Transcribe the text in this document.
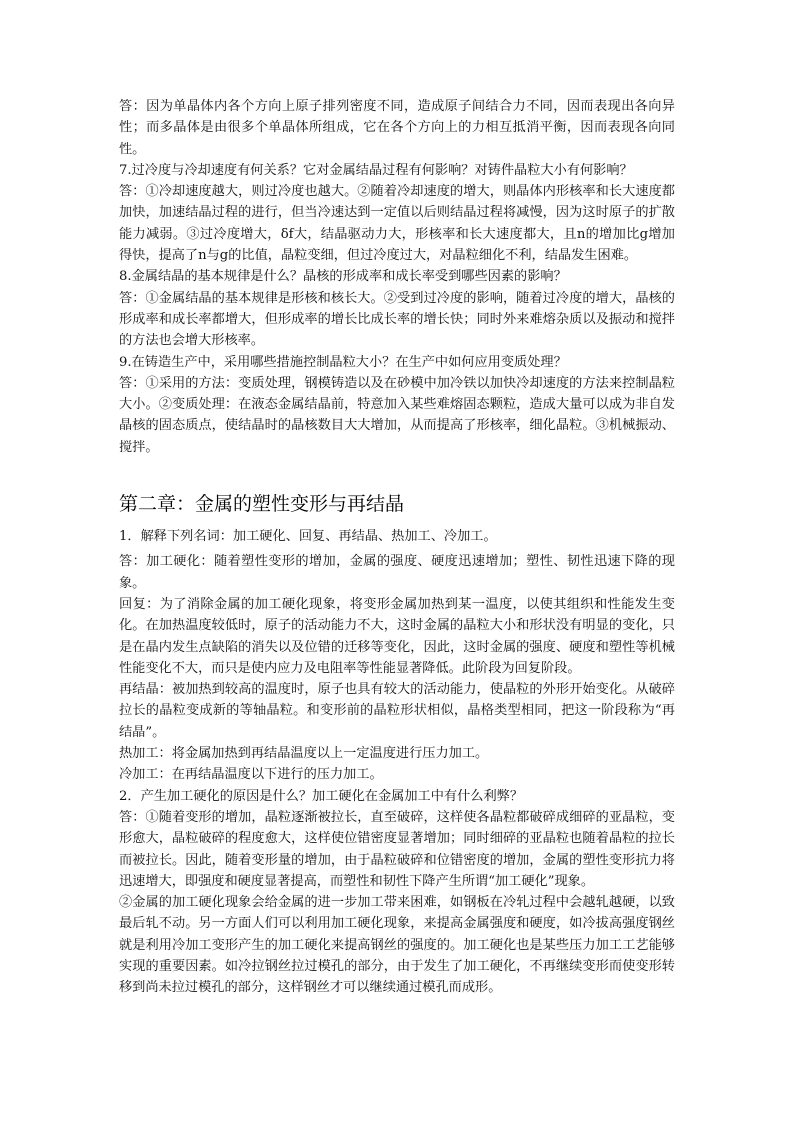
答：因为单晶体内各个方向上原子排列密度不同，造成原子间结合力不同，因而表现出各向异性；而多晶体是由很多个单晶体所组成，它在各个方向上的力相互抵消平衡，因而表现各向同性。

7.过冷度与冷却速度有何关系？它对金属结晶过程有何影响？对铸件晶粒大小有何影响？

答：①冷却速度越大，则过冷度也越大。②随着冷却速度的增大，则晶体内形核率和长大速度都加快，加速结晶过程的进行，但当冷速达到一定值以后则结晶过程将减慢，因为这时原子的扩散能力减弱。③过冷度增大，δf大，结晶驱动力大，形核率和长大速度都大，且n的增加比g增加得快，提高了n与g的比值，晶粒变细，但过冷度过大，对晶粒细化不利，结晶发生困难。

8.金属结晶的基本规律是什么？晶核的形成率和成长率受到哪些因素的影响？

答：①金属结晶的基本规律是形核和核长大。②受到过冷度的影响，随着过冷度的增大，晶核的形成率和成长率都增大，但形成率的增长比成长率的增长快；同时外来难熔杂质以及振动和搅拌的方法也会增大形核率。

9.在铸造生产中，采用哪些措施控制晶粒大小？在生产中如何应用变质处理？

答：①采用的方法：变质处理，钢模铸造以及在砂模中加冷铁以加快冷却速度的方法来控制晶粒大小。②变质处理：在液态金属结晶前，特意加入某些难熔固态颗粒，造成大量可以成为非自发晶核的固态质点，使结晶时的晶核数目大大增加，从而提高了形核率，细化晶粒。③机械振动、搅拌。

第二章：金属的塑性变形与再结晶

1．解释下列名词：加工硬化、回复、再结晶、热加工、冷加工。

答：加工硬化：随着塑性变形的增加，金属的强度、硬度迅速增加；塑性、韧性迅速下降的现象。

回复：为了消除金属的加工硬化现象，将变形金属加热到某一温度，以使其组织和性能发生变化。在加热温度较低时，原子的活动能力不大，这时金属的晶粒大小和形状没有明显的变化，只是在晶内发生点缺陷的消失以及位错的迁移等变化，因此，这时金属的强度、硬度和塑性等机械性能变化不大，而只是使内应力及电阻率等性能显著降低。此阶段为回复阶段。

再结晶：被加热到较高的温度时，原子也具有较大的活动能力，使晶粒的外形开始变化。从破碎拉长的晶粒变成新的等轴晶粒。和变形前的晶粒形状相似，晶格类型相同，把这一阶段称为“再结晶”。

热加工：将金属加热到再结晶温度以上一定温度进行压力加工。

冷加工：在再结晶温度以下进行的压力加工。

2．产生加工硬化的原因是什么？加工硬化在金属加工中有什么利弊？

答：①随着变形的增加，晶粒逐渐被拉长，直至破碎，这样使各晶粒都破碎成细碎的亚晶粒，变形愈大，晶粒破碎的程度愈大，这样使位错密度显著增加；同时细碎的亚晶粒也随着晶粒的拉长而被拉长。因此，随着变形量的增加，由于晶粒破碎和位错密度的增加，金属的塑性变形抗力将迅速增大，即强度和硬度显著提高，而塑性和韧性下降产生所谓“加工硬化”现象。

②金属的加工硬化现象会给金属的进一步加工带来困难，如钢板在冷轧过程中会越轧越硬，以致最后轧不动。另一方面人们可以利用加工硬化现象，来提高金属强度和硬度，如冷拔高强度钢丝就是利用冷加工变形产生的加工硬化来提高钢丝的强度的。加工硬化也是某些压力加工工艺能够实现的重要因素。如冷拉钢丝拉过模孔的部分，由于发生了加工硬化，不再继续变形而使变形转移到尚未拉过模孔的部分，这样钢丝才可以继续通过模孔而成形。
